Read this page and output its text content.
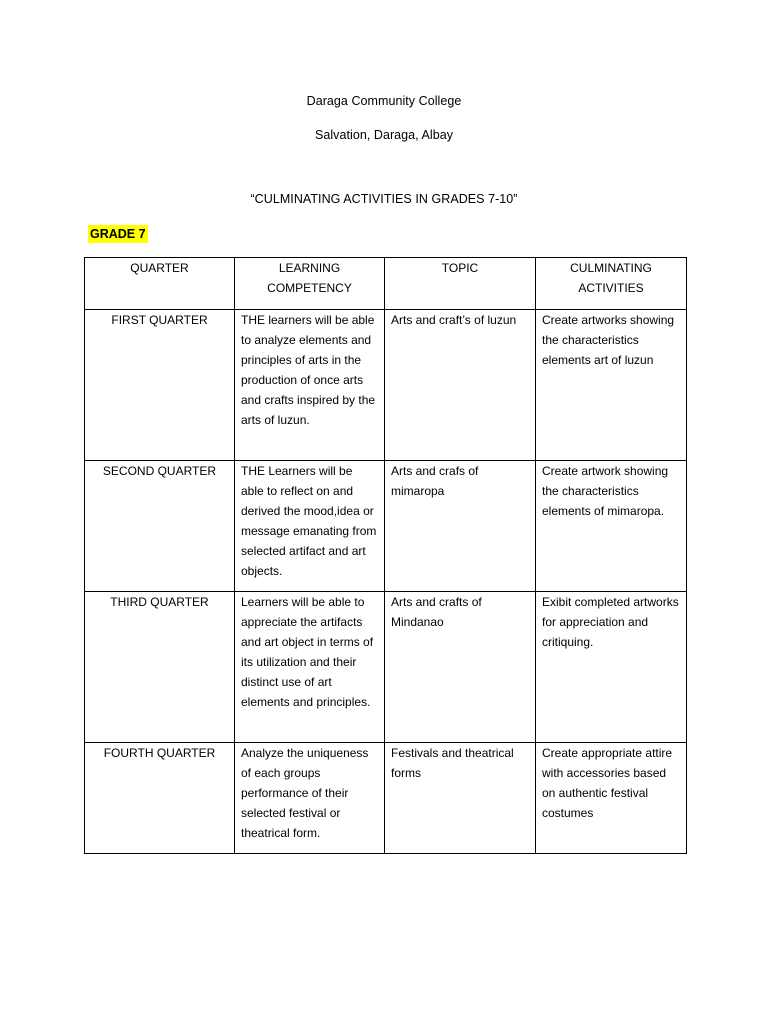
Daraga Community College
Salvation, Daraga, Albay
“CULMINATING ACTIVITIES IN GRADES 7-10”
GRADE 7
QUARTER	LEARNING COMPETENCY	TOPIC	CULMINATING ACTIVITIES
FIRST QUARTER	THE learners will be able to analyze elements and principles of arts in the production of once arts and crafts inspired by the arts of luzun.	Arts and craft’s of luzun	Create artworks showing the characteristics elements art of luzun
SECOND QUARTER	THE Learners will be able to reflect on and derived the mood,idea or message emanating from selected artifact and art objects.	Arts and crafs of mimaropa	Create artwork showing the characteristics elements of mimaropa.
THIRD QUARTER	Learners will be able to appreciate the artifacts and art object in terms of its utilization and their distinct use of art elements and principles.	Arts and crafts of Mindanao	Exibit completed artworks for appreciation and critiquing.
FOURTH QUARTER	Analyze the uniqueness of each groups performance of their selected festival or theatrical form.	Festivals and theatrical forms	Create appropriate attire with accessories based on authentic festival costumes
